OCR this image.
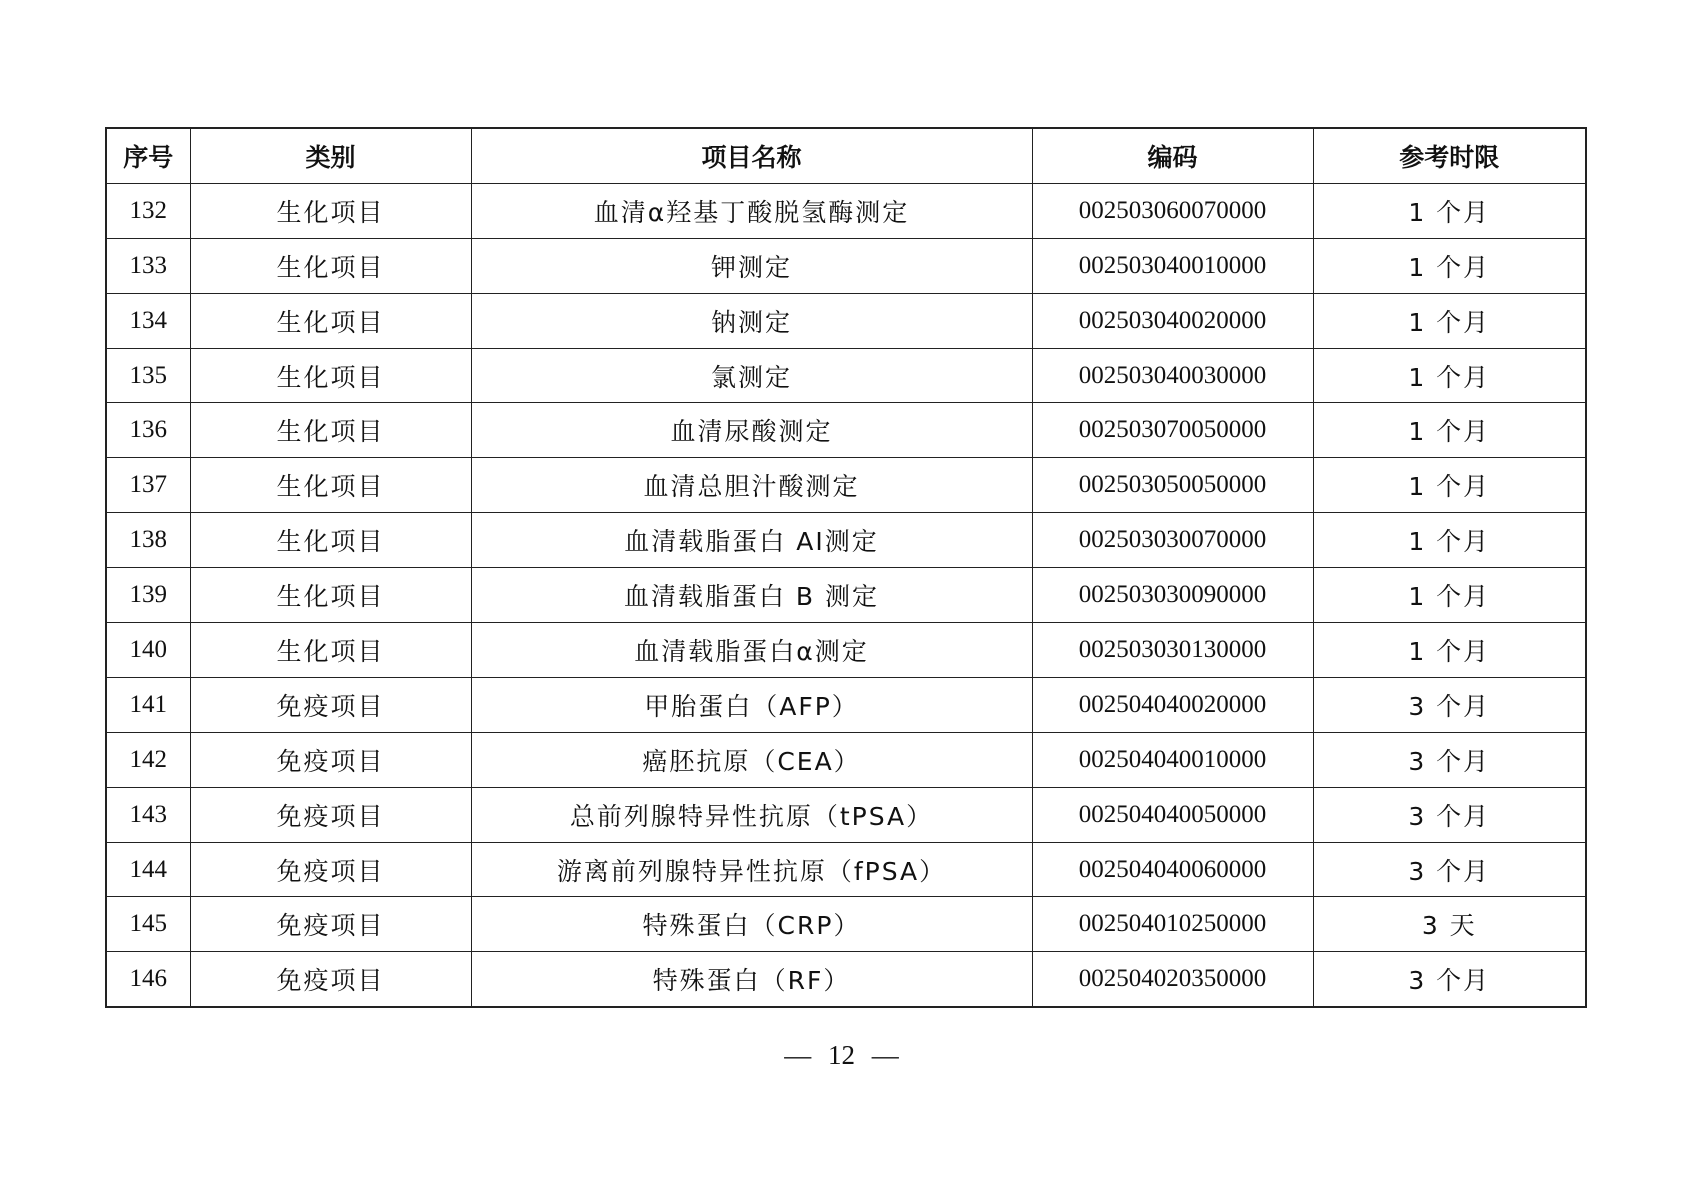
序号	类别	项目名称	编码	参考时限
132	生化项目	血清α羟基丁酸脱氢酶测定	002503060070000	1 个月
133	生化项目	钾测定	002503040010000	1 个月
134	生化项目	钠测定	002503040020000	1 个月
135	生化项目	氯测定	002503040030000	1 个月
136	生化项目	血清尿酸测定	002503070050000	1 个月
137	生化项目	血清总胆汁酸测定	002503050050000	1 个月
138	生化项目	血清载脂蛋白 AⅠ测定	002503030070000	1 个月
139	生化项目	血清载脂蛋白 B 测定	002503030090000	1 个月
140	生化项目	血清载脂蛋白α测定	002503030130000	1 个月
141	免疫项目	甲胎蛋白（AFP）	002504040020000	3 个月
142	免疫项目	癌胚抗原（CEA）	002504040010000	3 个月
143	免疫项目	总前列腺特异性抗原（tPSA）	002504040050000	3 个月
144	免疫项目	游离前列腺特异性抗原（fPSA）	002504040060000	3 个月
145	免疫项目	特殊蛋白（CRP）	002504010250000	3 天
146	免疫项目	特殊蛋白（RF）	002504020350000	3 个月
— 12 —
